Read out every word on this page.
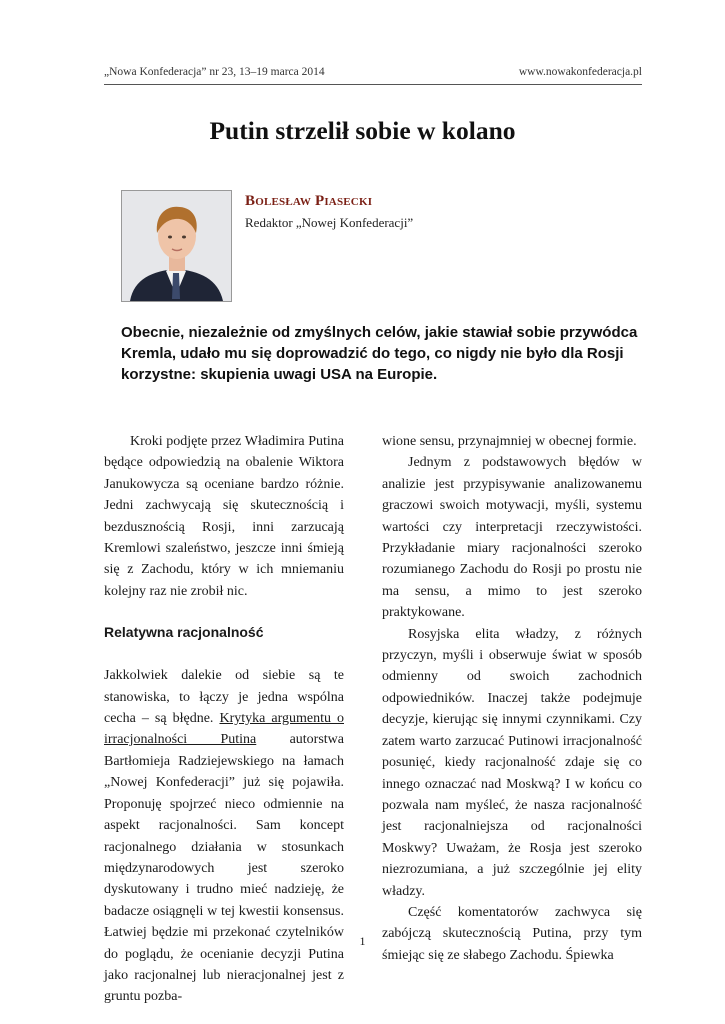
„Nowa Konfederacja” nr 23, 13–19 marca 2014	www.nowakonfederacja.pl
Putin strzelił sobie w kolano
Bolesław Piasecki
Redaktor „Nowej Konfederacji”

Obecnie, niezależnie od zmyślnych celów, jakie stawiał sobie przywódca Kremla, udało mu się doprowadzić do tego, co nigdy nie było dla Rosji korzystne: skupienia uwagi USA na Europie.

Kroki podjęte przez Władimira Putina będące odpowiedzią na obalenie Wiktora Janukowycza są oceniane bardzo różnie. Jedni zachwycają się skutecznością i bezdusznością Rosji, inni zarzucają Kremlowi szaleństwo, jeszcze inni śmieją się z Zachodu, który w ich mniemaniu kolejny raz nie zrobił nic.

Relatywna racjonalność

Jakkolwiek dalekie od siebie są te stanowiska, to łączy je jedna wspólna cecha – są błędne. Krytyka argumentu o irracjonalności Putina autorstwa Bartłomieja Radziejewskiego na łamach „Nowej Konfederacji” już się pojawiła. Proponuję spojrzeć nieco odmiennie na aspekt racjonalności. Sam koncept racjonalnego działania w stosunkach międzynarodowych jest szeroko dyskutowany i trudno mieć nadzieję, że badacze osiągnęli w tej kwestii konsensus. Łatwiej będzie mi przekonać czytelników do poglądu, że ocenianie decyzji Putina jako racjonalnej lub nieracjonalnej jest z gruntu pozba-

wione sensu, przynajmniej w obecnej formie.

Jednym z podstawowych błędów w analizie jest przypisywanie analizowanemu graczowi swoich motywacji, myśli, systemu wartości czy interpretacji rzeczywistości. Przykładanie miary racjonalności szeroko rozumianego Zachodu do Rosji po prostu nie ma sensu, a mimo to jest szeroko praktykowane.

Rosyjska elita władzy, z różnych przyczyn, myśli i obserwuje świat w sposób odmienny od swoich zachodnich odpowiedników. Inaczej także podejmuje decyzje, kierując się innymi czynnikami. Czy zatem warto zarzucać Putinowi irracjonalność posunięć, kiedy racjonalność zdaje się co innego oznaczać nad Moskwą? I w końcu co pozwala nam myśleć, że nasza racjonalność jest racjonalniejsza od racjonalności Moskwy? Uważam, że Rosja jest szeroko niezrozumiana, a już szczególnie jej elity władzy.

Część komentatorów zachwyca się zabójczą skutecznością Putina, przy tym śmiejąc się ze słabego Zachodu. Śpiewka

1
